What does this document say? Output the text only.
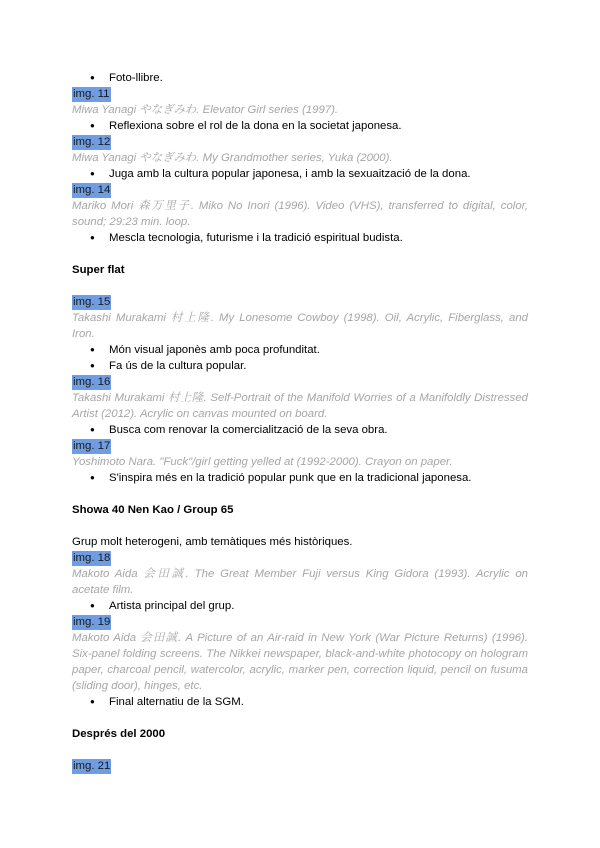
● Foto-llibre.
img. 11
Miwa Yanagi やなぎみわ. Elevator Girl series (1997).
● Reflexiona sobre el rol de la dona en la societat japonesa.
img. 12
Miwa Yanagi やなぎみわ. My Grandmother series, Yuka (2000).
● Juga amb la cultura popular japonesa, i amb la sexuaització de la dona.
img. 14
Mariko Mori 森万里子. Miko No Inori (1996). Video (VHS), transferred to digital, color, sound; 29:23 min. loop.
● Mescla tecnologia, futurisme i la tradició espiritual budista.
Super flat
img. 15
Takashi Murakami 村上隆. My Lonesome Cowboy (1998). Oil, Acrylic, Fiberglass, and Iron.
● Món visual japonès amb poca profunditat.
● Fa ús de la cultura popular.
img. 16
Takashi Murakami 村上隆. Self-Portrait of the Manifold Worries of a Manifoldly Distressed Artist (2012). Acrylic on canvas mounted on board.
● Busca com renovar la comercialització de la seva obra.
img. 17
Yoshimoto Nara. "Fuck"/girl getting yelled at (1992-2000). Crayon on paper.
● S'inspira més en la tradició popular punk que en la tradicional japonesa.
Showa 40 Nen Kao / Group 65
Grup molt heterogeni, amb temàtiques més històriques.
img. 18
Makoto Aida 会田誠. The Great Member Fuji versus King Gidora (1993). Acrylic on acetate film.
● Artista principal del grup.
img. 19
Makoto Aida 会田誠. A Picture of an Air-raid in New York (War Picture Returns) (1996). Six-panel folding screens. The Nikkei newspaper, black-and-white photocopy on hologram paper, charcoal pencil, watercolor, acrylic, marker pen, correction liquid, pencil on fusuma (sliding door), hinges, etc.
● Final alternatiu de la SGM.
Després del 2000
img. 21
